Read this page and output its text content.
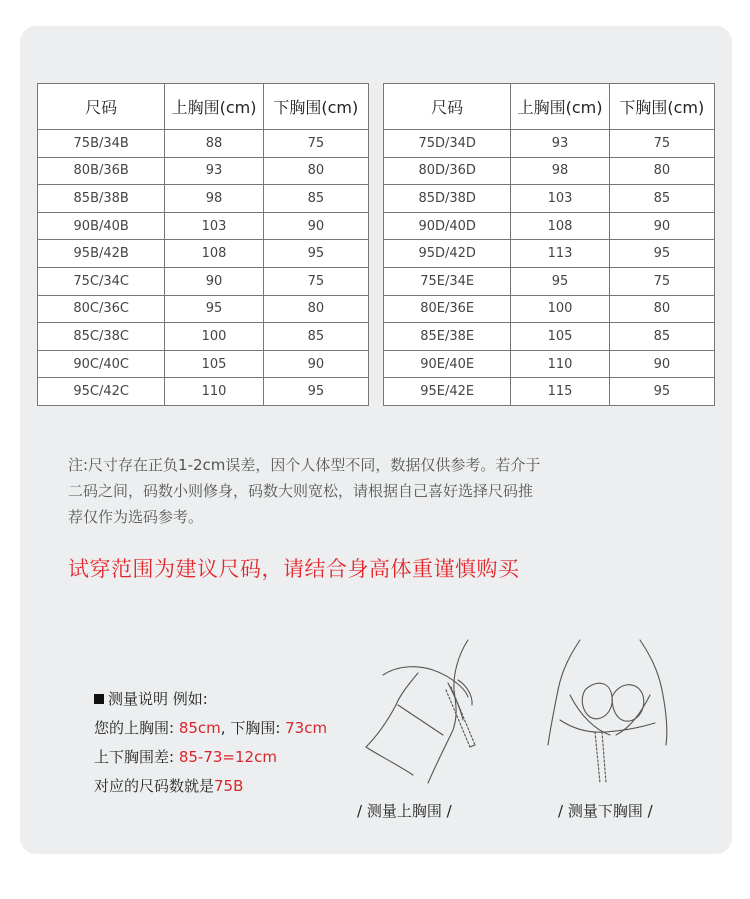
尺码	上胸围(cm)	下胸围(cm)
75B/34B	88	75
80B/36B	93	80
85B/38B	98	85
90B/40B	103	90
95B/42B	108	95
75C/34C	90	75
80C/36C	95	80
85C/38C	100	85
90C/40C	105	90
95C/42C	110	95
尺码	上胸围(cm)	下胸围(cm)
75D/34D	93	75
80D/36D	98	80
85D/38D	103	85
90D/40D	108	90
95D/42D	113	95
75E/34E	95	75
80E/36E	100	80
85E/38E	105	85
90E/40E	110	90
95E/42E	115	95
注:尺寸存在正负1-2cm误差，因个人体型不同，数据仅供参考。若介于
二码之间，码数小则修身，码数大则宽松，请根据自己喜好选择尺码推
荐仅作为选码参考。
试穿范围为建议尺码，请结合身高体重谨慎购买
测量说明 例如:
您的上胸围: 85cm, 下胸围: 73cm
上下胸围差: 85-73=12cm
对应的尺码数就是75B
/ 测量上胸围 /	/ 测量下胸围 /
